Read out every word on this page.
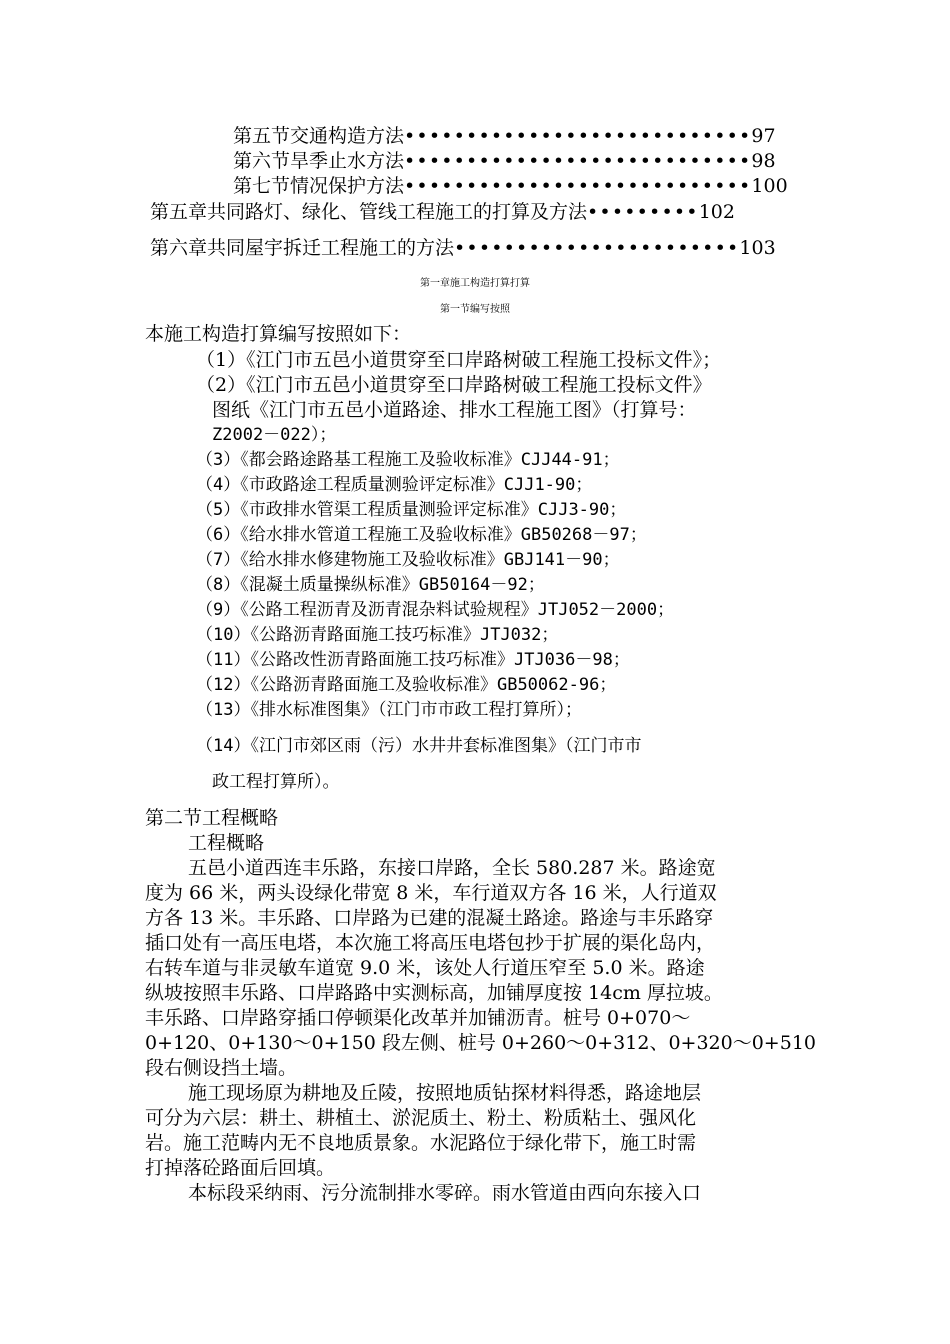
第五节交通构造方法 •••••••••••••••••••••••••••• 97
第六节旱季止水方法 •••••••••••••••••••••••••••• 98
第七节情况保护方法 •••••••••••••••••••••••••••• 100
第五章共同路灯、绿化、管线工程施工的打算及方法 ••••••••• 102
第六章共同屋宇拆迁工程施工的方法 ••••••••••••••••••••••• 103
第一章施工构造打算打算
第一节编写按照
本施工构造打算编写按照如下：
（1）《江门市五邑小道贯穿至口岸路树破工程施工投标文件》；
（2）《江门市五邑小道贯穿至口岸路树破工程施工投标文件》
图纸《江门市五邑小道路途、排水工程施工图》（打算号：
Z2002－022）；
（3）《都会路途路基工程施工及验收标准》CJJ44-91；
（4）《市政路途工程质量测验评定标准》CJJ1-90；
（5）《市政排水管渠工程质量测验评定标准》CJJ3-90；
（6）《给水排水管道工程施工及验收标准》GB50268－97；
（7）《给水排水修建物施工及验收标准》GBJ141－90；
（8）《混凝土质量操纵标准》GB50164－92；
（9）《公路工程沥青及沥青混杂料试验规程》JTJ052－2000；
（10）《公路沥青路面施工技巧标准》JTJ032；
（11）《公路改性沥青路面施工技巧标准》JTJ036－98；
（12）《公路沥青路面施工及验收标准》GB50062-96；
（13）《排水标准图集》（江门市市政工程打算所）；
（14）《江门市郊区雨（污）水井井套标准图集》（江门市市
政工程打算所）。
第二节工程概略
工程概略
五邑小道西连丰乐路，东接口岸路，全长 580.287 米。路途宽
度为 66 米，两头设绿化带宽 8 米，车行道双方各 16 米，人行道双
方各 13 米。丰乐路、口岸路为已建的混凝土路途。路途与丰乐路穿
插口处有一高压电塔，本次施工将高压电塔包抄于扩展的渠化岛内，
右转车道与非灵敏车道宽 9.0 米，该处人行道压窄至 5.0 米。路途
纵坡按照丰乐路、口岸路路中实测标高，加铺厚度按 14cm 厚拉坡。
丰乐路、口岸路穿插口停顿渠化改革并加铺沥青。桩号 0+070～
0+120、0+130～0+150 段左侧、桩号 0+260～0+312、0+320～0+510
段右侧设挡土墙。
施工现场原为耕地及丘陵，按照地质钻探材料得悉，路途地层
可分为六层：耕土、耕植土、淤泥质土、粉土、粉质粘土、强风化
岩。施工范畴内无不良地质景象。水泥路位于绿化带下，施工时需
打掉落砼路面后回填。
本标段采纳雨、污分流制排水零碎。雨水管道由西向东接入口
